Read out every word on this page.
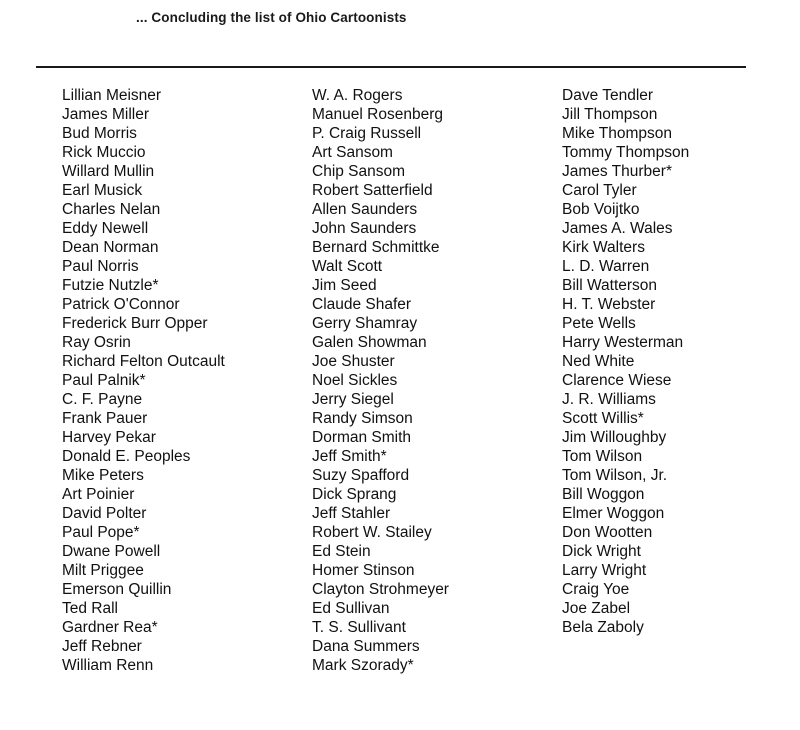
... Concluding the list of Ohio Cartoonists
Lillian Meisner
James Miller
Bud Morris
Rick Muccio
Willard Mullin
Earl Musick
Charles Nelan
Eddy Newell
Dean Norman
Paul Norris
Futzie Nutzle*
Patrick O'Connor
Frederick Burr Opper
Ray Osrin
Richard Felton Outcault
Paul Palnik*
C. F. Payne
Frank Pauer
Harvey Pekar
Donald E. Peoples
Mike Peters
Art Poinier
David Polter
Paul Pope*
Dwane Powell
Milt Priggee
Emerson Quillin
Ted Rall
Gardner Rea*
Jeff Rebner
William Renn
W. A. Rogers
Manuel Rosenberg
P. Craig Russell
Art Sansom
Chip Sansom
Robert Satterfield
Allen Saunders
John Saunders
Bernard Schmittke
Walt Scott
Jim Seed
Claude Shafer
Gerry Shamray
Galen Showman
Joe Shuster
Noel Sickles
Jerry Siegel
Randy Simson
Dorman Smith
Jeff Smith*
Suzy Spafford
Dick Sprang
Jeff Stahler
Robert W. Stailey
Ed Stein
Homer Stinson
Clayton Strohmeyer
Ed Sullivan
T. S. Sullivant
Dana Summers
Mark Szorady*
Dave Tendler
Jill Thompson
Mike Thompson
Tommy Thompson
James Thurber*
Carol Tyler
Bob Voijtko
James A. Wales
Kirk Walters
L. D. Warren
Bill Watterson
H. T. Webster
Pete Wells
Harry Westerman
Ned White
Clarence Wiese
J. R. Williams
Scott Willis*
Jim Willoughby
Tom Wilson
Tom Wilson, Jr.
Bill Woggon
Elmer Woggon
Don Wootten
Dick Wright
Larry Wright
Craig Yoe
Joe Zabel
Bela Zaboly
